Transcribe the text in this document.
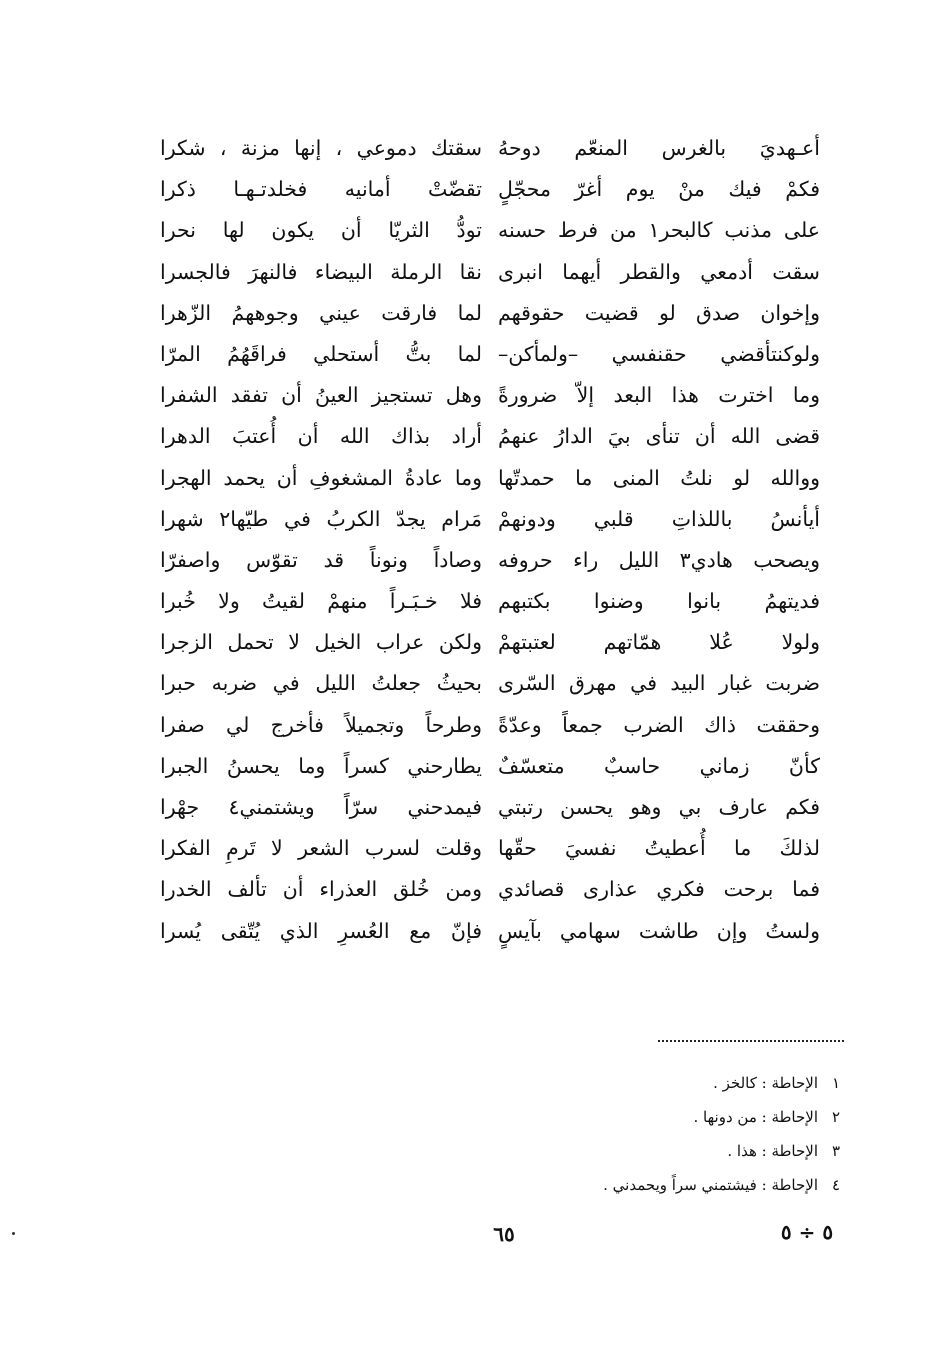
سقتك دموعي ، إنها مزنة ، شكرا
تقضّتْ أمانيه فخلدتـهـا ذكرا
تودُّ الثريّا أن يكون لها نحرا
نقا الرملة البيضاء فالنهرَ فالجسرا
لما فارقت عيني وجوههمُ الزّهرا
لما بتُّ أستحلي فراقَهُمُ المرّا
وهل تستجيز العينُ أن تفقد الشفرا
أراد بذاك الله أن أُعتبَ الدهرا
وما عادةُ المشغوفِ أن يحمد الهجرا
مَرام يجدّ الكربُ في طيّها٢ شهرا
وصاداً ونوناً قد تقوّس واصفرّا
فلا خـبَـراً منهمْ لقيتُ ولا خُبرا
ولكن عراب الخيل لا تحمل الزجرا
بحيثُ جعلتُ الليل في ضربه حبرا
وطرحاً وتجميلاً فأخرج لي صفرا
يطارحني كسراً وما يحسنُ الجبرا
فيمدحني سرّاً ويشتمني٤ جهْرا
وقلت لسرب الشعر لا تَرمِ الفكرا
ومن خُلق العذراء أن تألف الخدرا
فإنّ مع العُسرِ الذي يُتّقى يُسرا
أعـهديَ بالغرس المنعّم دوحهُ
فكمْ فيك منْ يوم أغرّ محجّلٍ
على مذنب كالبحر١ من فرط حسنه
سقت أدمعي والقطر أيهما انبرى
وإخوان صدق لو قضيت حقوقهم
ولوكنتأقضي حقنفسي –ولمأكن–
وما اخترت هذا البعد إلاّ ضرورةً
قضى الله أن تنأى بيَ الدارُ عنهمُ
ووالله لو نلتُ المنى ما حمدتّها
أيأنسُ باللذاتِ قلبي ودونهمْ
ويصحب هادي٣ الليل راء حروفه
فديتهمُ بانوا وضنوا بكتبهم
ولولا عُلا همّاتهم لعتبتهمْ
ضربت غبار البيد في مهرق السّرى
وحققت ذاك الضرب جمعاً وعدّةً
كأنّ زماني حاسبٌ متعسّفٌ
فكم عارف بي وهو يحسن رتبتي
لذلكَ ما أُعطيتُ نفسيَ حقّها
فما برحت فكري عذارى قصائدي
ولستُ وإن طاشت سهامي بآيسٍ
١
الإحاطة : كالخز .
٢
الإحاطة : من دونها .
٣
الإحاطة : هذا .
٤
الإحاطة : فيشتمني سراً ويحمدني .
٦٥	٥ ÷ ٥
